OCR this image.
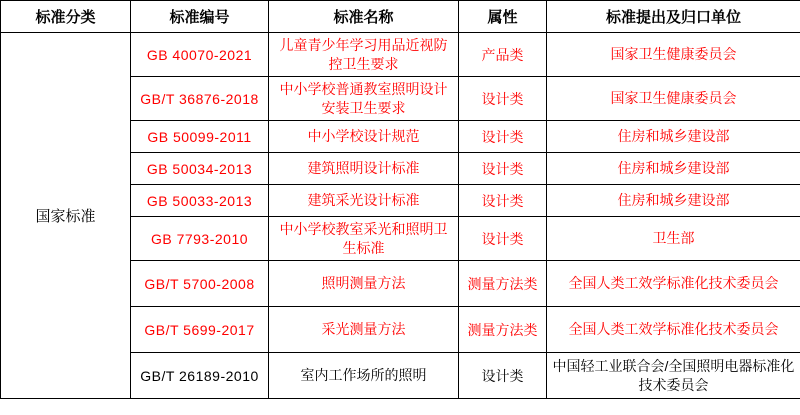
标准分类	标准编号	标准名称	属性	标准提出及归口单位
国家标准	GB 40070-2021	儿童青少年学习用品近视防控卫生要求	产品类	国家卫生健康委员会
	GB/T 36876-2018	中小学校普通教室照明设计安装卫生要求	设计类	国家卫生健康委员会
	GB 50099-2011	中小学校设计规范	设计类	住房和城乡建设部
	GB 50034-2013	建筑照明设计标准	设计类	住房和城乡建设部
	GB 50033-2013	建筑采光设计标准	设计类	住房和城乡建设部
	GB 7793-2010	中小学校教室采光和照明卫生标准	设计类	卫生部
	GB/T 5700-2008	照明测量方法	测量方法类	全国人类工效学标准化技术委员会
	GB/T 5699-2017	采光测量方法	测量方法类	全国人类工效学标准化技术委员会
	GB/T 26189-2010	室内工作场所的照明	设计类	中国轻工业联合会/全国照明电器标准化技术委员会
